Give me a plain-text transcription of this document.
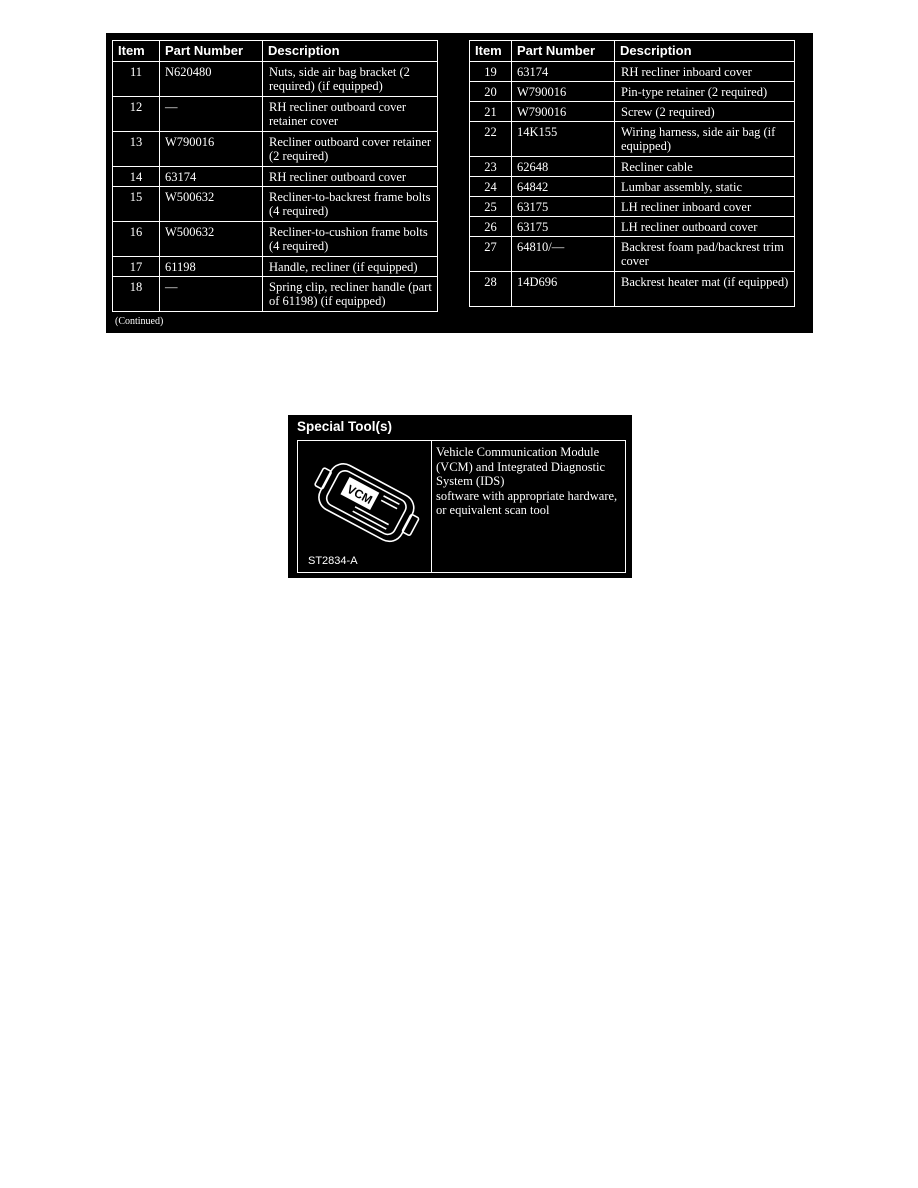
Item	Part Number	Description
11	N620480	Nuts, side air bag bracket (2 required) (if equipped)
12	—	RH recliner outboard cover retainer cover
13	W790016	Recliner outboard cover retainer (2 required)
14	63174	RH recliner outboard cover
15	W500632	Recliner-to-backrest frame bolts (4 required)
16	W500632	Recliner-to-cushion frame bolts (4 required)
17	61198	Handle, recliner (if equipped)
18	—	Spring clip, recliner handle (part of 61198) (if equipped)
Item	Part Number	Description
19	63174	RH recliner inboard cover
20	W790016	Pin-type retainer (2 required)
21	W790016	Screw (2 required)
22	14K155	Wiring harness, side air bag (if equipped)
23	62648	Recliner cable
24	64842	Lumbar assembly, static
25	63175	LH recliner inboard cover
26	63175	LH recliner outboard cover
27	64810/—	Backrest foam pad/backrest trim cover
28	14D696	Backrest heater mat (if equipped)
(Continued)
Special Tool(s)
VCM
ST2834-A

Vehicle Communication Module (VCM) and Integrated Diagnostic System (IDS)

software with appropriate hardware, or equivalent scan tool
